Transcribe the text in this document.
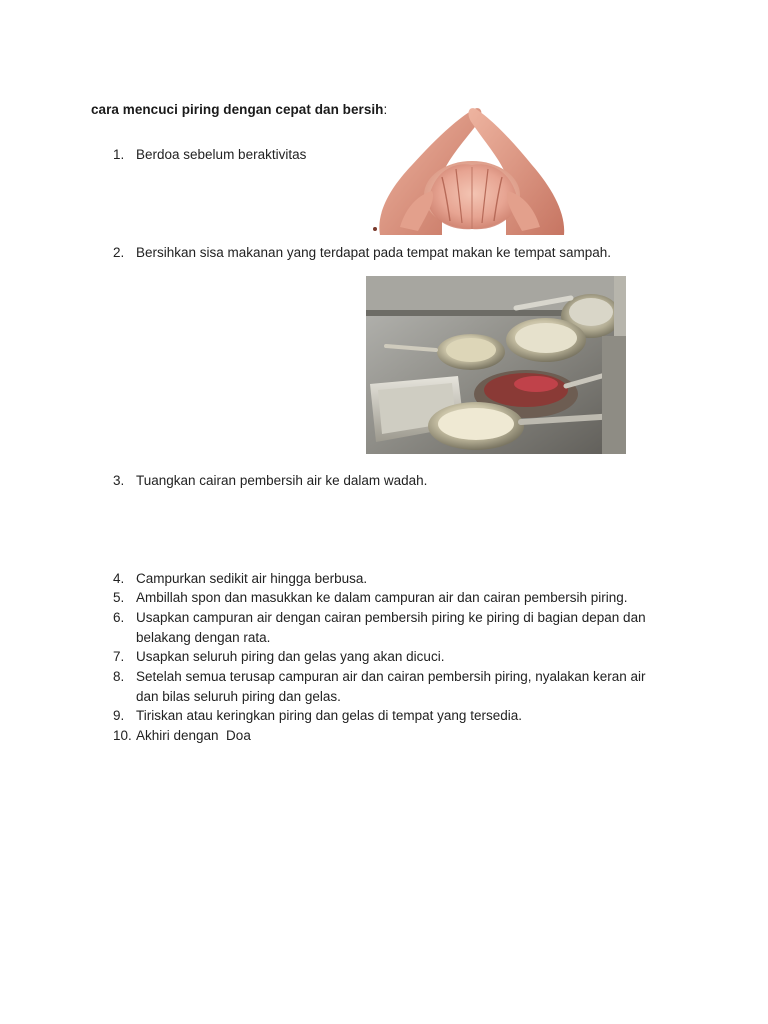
cara mencuci piring dengan cepat dan bersih:
1. Berdoa sebelum beraktivitas
2. Bersihkan sisa makanan yang terdapat pada tempat makan ke tempat sampah.
3. Tuangkan cairan pembersih air ke dalam wadah.
4. Campurkan sedikit air hingga berbusa.
5. Ambillah spon dan masukkan ke dalam campuran air dan cairan pembersih piring.
6. Usapkan campuran air dengan cairan pembersih piring ke piring di bagian depan dan belakang dengan rata.
7. Usapkan seluruh piring dan gelas yang akan dicuci.
8. Setelah semua terusap campuran air dan cairan pembersih piring, nyalakan keran air dan bilas seluruh piring dan gelas.
9. Tiriskan atau keringkan piring dan gelas di tempat yang tersedia.
10. Akhiri dengan  Doa
